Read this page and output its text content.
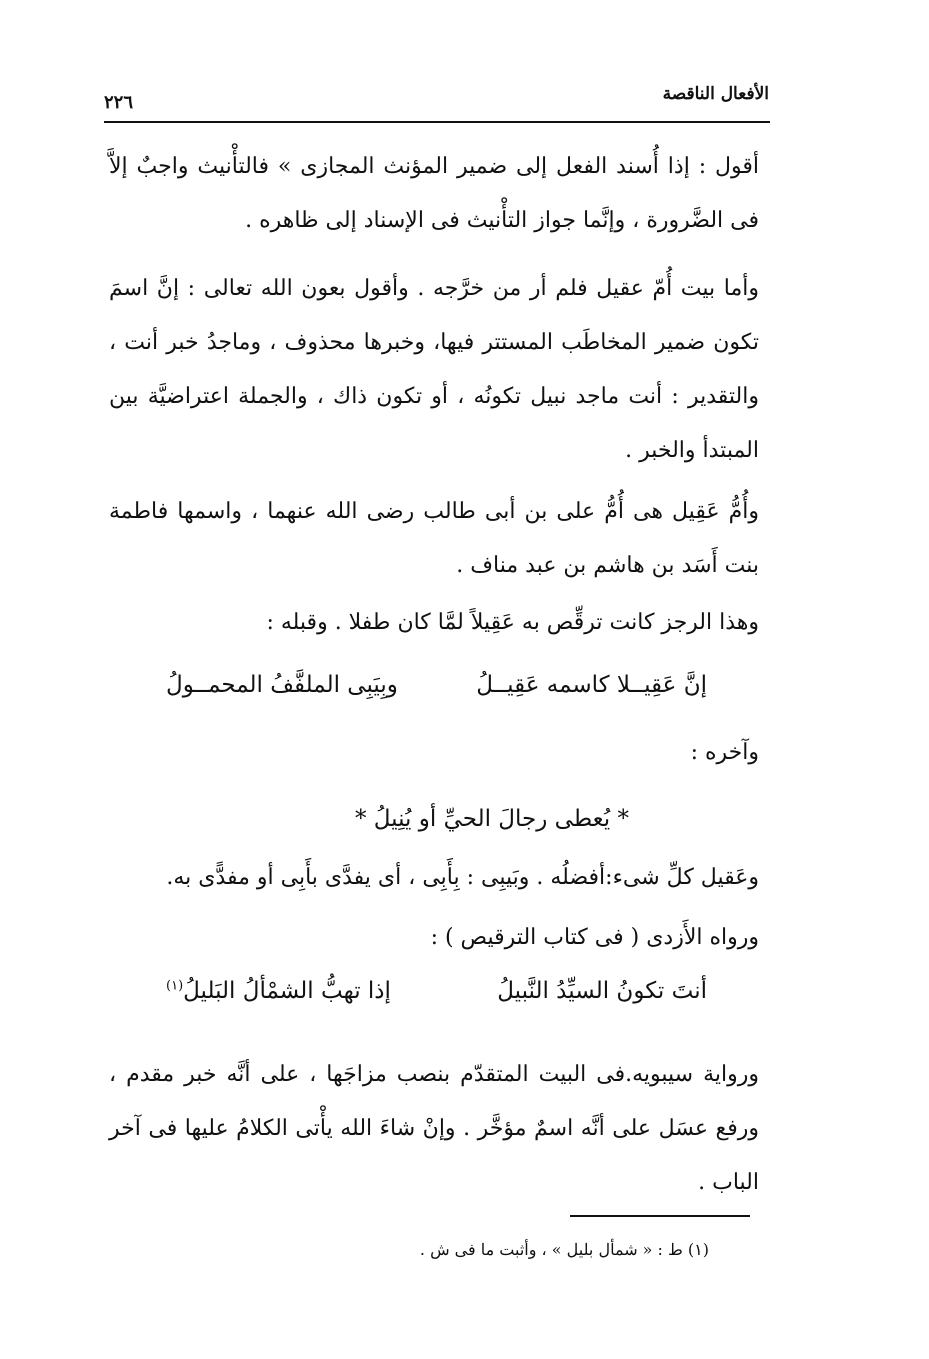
الأفعال الناقصة
٢٢٦
أقول : إذا أُسند الفعل إلى ضمير المؤنث المجازى » فالتأْنيث واجبٌ إلاَّ فى الضَّرورة ، وإنَّما جواز التأْنيث فى الإسناد إلى ظاهره .
وأما بيت أُمّ عقيل فلم أر من خرَّجه . وأقول بعون الله تعالى : إنَّ اسمَ تكون ضمير المخاطَب المستتر فيها، وخبرها محذوف ، وماجدُ خبر أنت ، والتقدير : أنت ماجد نبيل تكونُه ، أو تكون ذاك ، والجملة اعتراضيَّة بين المبتدأ والخبر .
وأُمُّ عَقِيل هى أُمُّ على بن أبى طالب رضى الله عنهما ، واسمها فاطمة بنت أَسَد بن هاشم بن عبد مناف .
وهذا الرجز كانت ترقِّص به عَقِيلاً لمَّا كان طفلا . وقبله :
إنَّ عَقِيــلا كاسمه عَقِيــلُ
وبِيَبِى الملفَّفُ المحمــولُ
وآخره :
* يُعطى رجالَ الحيِّ أو يُنِيلُ *
وعَقيل كلِّ شىء:أفضلُه . وبَيبِى : بِأَبِى ، أى يفدَّى بأَبِى أو مفدًّى به.
ورواه الأَزدى ( فى كتاب الترقيص ) :
أنتَ تكونُ السيِّدُ النَّبيلُ
إذا تهبُّ الشمْألُ البَليلُ$^{(١)}$
ورواية سيبويه.فى البيت المتقدّم بنصب مزاجَها ، على أنَّه خبر مقدم ، ورفع عسَل على أنَّه اسمٌ مؤخَّر . وإنْ شاءَ الله يأْتى الكلامُ عليها فى آخر الباب .
(١) ط : « شمأل بليل » ، وأثبت ما فى ش .
